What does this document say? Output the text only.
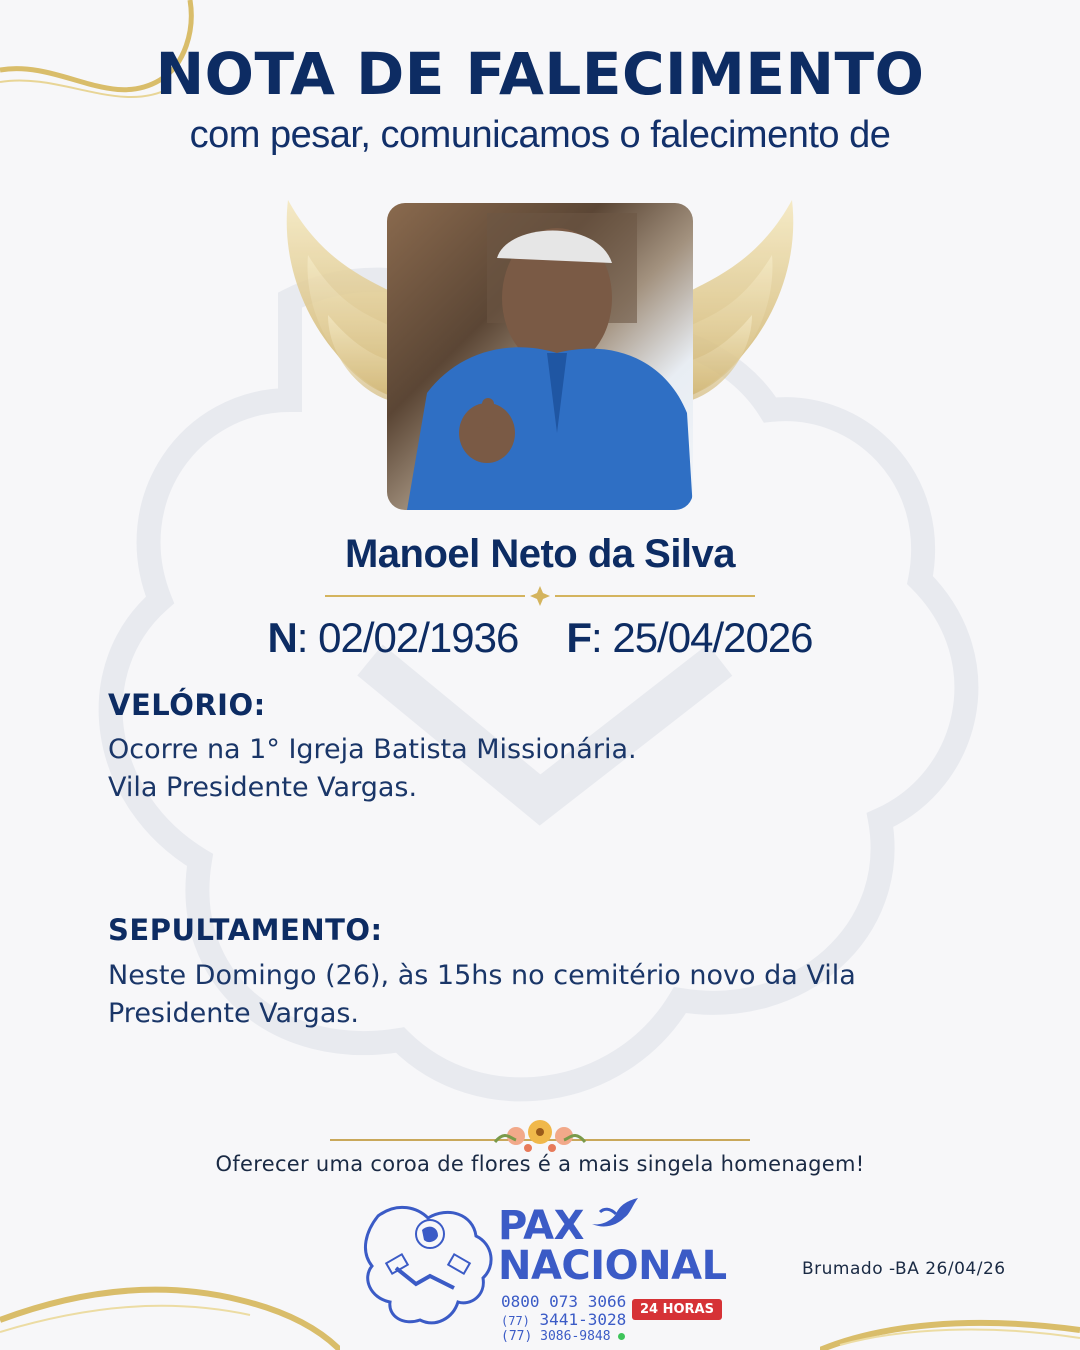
NOTA DE FALECIMENTO
com pesar, comunicamos o falecimento de
Manoel Neto da Silva
N: 02/02/1936 F: 25/04/2026
VELÓRIO:
Ocorre na 1° Igreja Batista Missionária.
Vila Presidente Vargas.
SEPULTAMENTO:
Neste Domingo (26), às 15hs no cemitério novo da Vila
Presidente Vargas.
Oferecer uma coroa de flores é a mais singela homenagem!
PAX
NACIONAL
0800 073 3066
(77) 3441-3028
(77) 3086-9848
24 HORAS
Brumado -BA 26/04/26
